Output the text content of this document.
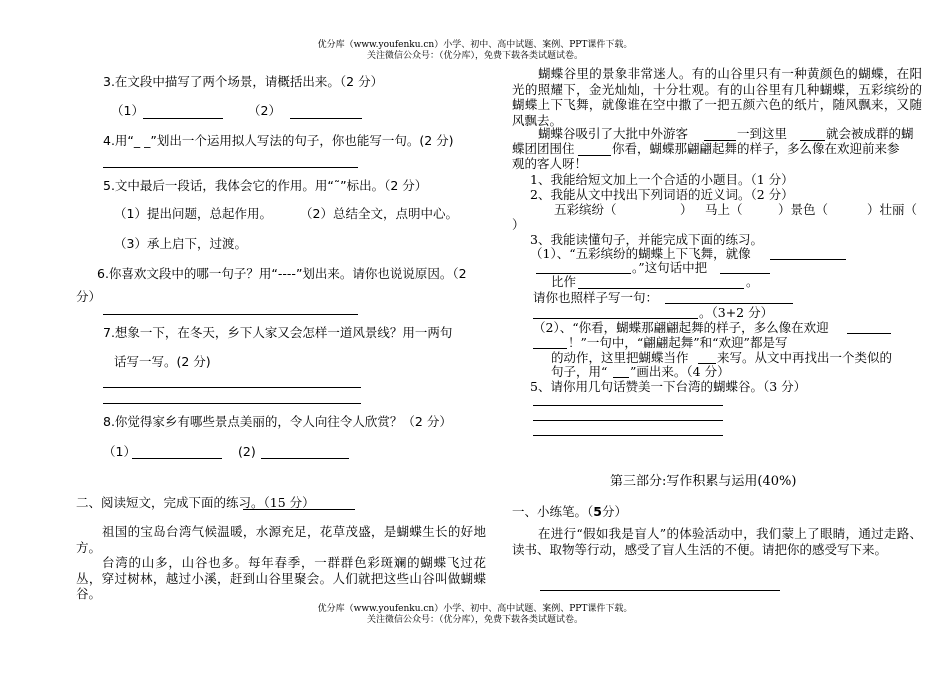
优分库（www.youfenku.cn）小学、初中、高中试题、案例、PPT课件下载。
关注微信公众号：（优分库），免费下载各类试题试卷。
3.在文段中描写了两个场景，请概括出来。（2 分）
（1）	（2）
4.用“_ _”划出一个运用拟人写法的句子，你也能写一句。(2 分)
5.文中最后一段话，我体会它的作用。用“˜”标出。（2 分）
（1）提出问题，总起作用。 （2）总结全文，点明中心。
（3）承上启下，过渡。
6.你喜欢文段中的哪一句子？用“----”划出来。请你也说说原因。（2
分）
7.想象一下，在冬天，乡下人家又会怎样一道风景线？用一两句
话写一写。(2 分)
8.你觉得家乡有哪些景点美丽的，令人向往令人欣赏？（2 分）
（1）	(2)
二、阅读短文，完成下面的练习。（15 分）
祖国的宝岛台湾气候温暖，水源充足，花草茂盛，是蝴蝶生长的好地方。
台湾的山多，山谷也多。每年春季，一群群色彩斑斓的蝴蝶飞过花丛，穿过树林，越过小溪，赶到山谷里聚会。人们就把这些山谷叫做蝴蝶谷。
蝴蝶谷里的景象非常迷人。有的山谷里只有一种黄颜色的蝴蝶，在阳光的照耀下，金光灿灿，十分壮观。有的山谷里有几种蝴蝶，五彩缤纷的蝴蝶上下飞舞，就像谁在空中撒了一把五颜六色的纸片，随风飘来，又随风飘去。
蝴蝶谷吸引了大批中外游客	一到这里	就会被成群的蝴
蝶团团围住	你看，蝴蝶那翩翩起舞的样子，多么像在欢迎前来参
观的客人呀！
1、我能给短文加上一个合适的小题目。（1 分）
2、我能从文中找出下列词语的近义词。（2 分）
五彩缤纷（	） 马上（	）景色（	）壮丽（
）
3、我能读懂句子，并能完成下面的练习。
（1）、“五彩缤纷的蝴蝶上下飞舞，就像
。”这句话中把
比作	。
请你也照样子写一句：
。（3+2 分）
（2）、“你看，蝴蝶那翩翩起舞的样子，多么像在欢迎
！”一句中，“翩翩起舞”和“欢迎”都是写
的动作，这里把蝴蝶当作 来写。从文中再找出一个类似的
句子，用“ ”画出来。（4 分）
5、请你用几句话赞美一下台湾的蝴蝶谷。（3 分）
第三部分:写作积累与运用(40%)
一、小练笔。（5分）
在进行“假如我是盲人”的体验活动中，我们蒙上了眼睛，通过走路、读书、取物等行动，感受了盲人生活的不便。请把你的感受写下来。
优分库（www.youfenku.cn）小学、初中、高中试题、案例、PPT课件下载。
关注微信公众号：（优分库），免费下载各类试题试卷。
